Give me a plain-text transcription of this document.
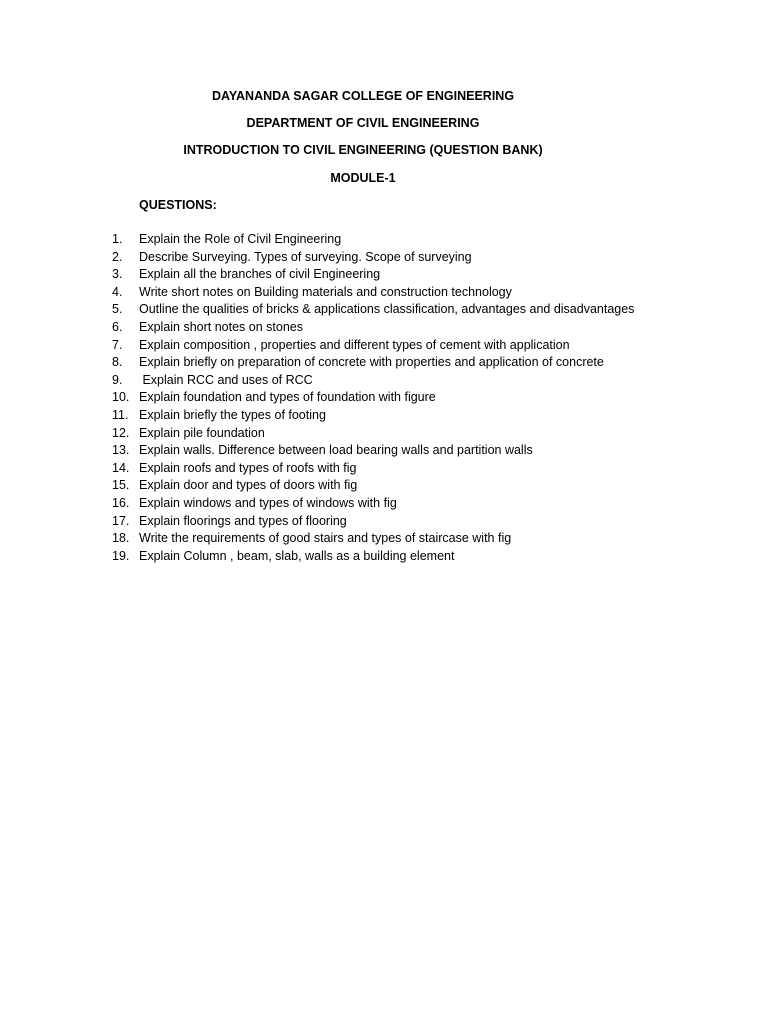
DAYANANDA SAGAR COLLEGE OF ENGINEERING
DEPARTMENT OF CIVIL ENGINEERING
INTRODUCTION TO CIVIL ENGINEERING (QUESTION BANK)
MODULE-1
QUESTIONS:
1.	Explain the Role of Civil Engineering
2.	Describe Surveying. Types of surveying. Scope of surveying
3.	Explain all the branches of civil Engineering
4.	Write short notes on Building materials and construction technology
5.	Outline the qualities of bricks & applications classification, advantages and disadvantages
6.	Explain short notes on stones
7.	Explain composition , properties and different types of cement with application
8.	Explain briefly on preparation of concrete with properties and application of concrete
9.	Explain RCC and uses of RCC
10. Explain foundation and types of foundation with figure
11. Explain briefly the types of footing
12. Explain pile foundation
13. Explain walls. Difference between load bearing walls and partition walls
14. Explain roofs and types of roofs with fig
15. Explain door and types of doors with fig
16. Explain windows and types of windows with fig
17. Explain floorings and types of flooring
18. Write the requirements of good stairs and types of staircase with fig
19. Explain Column , beam, slab, walls as a building element
